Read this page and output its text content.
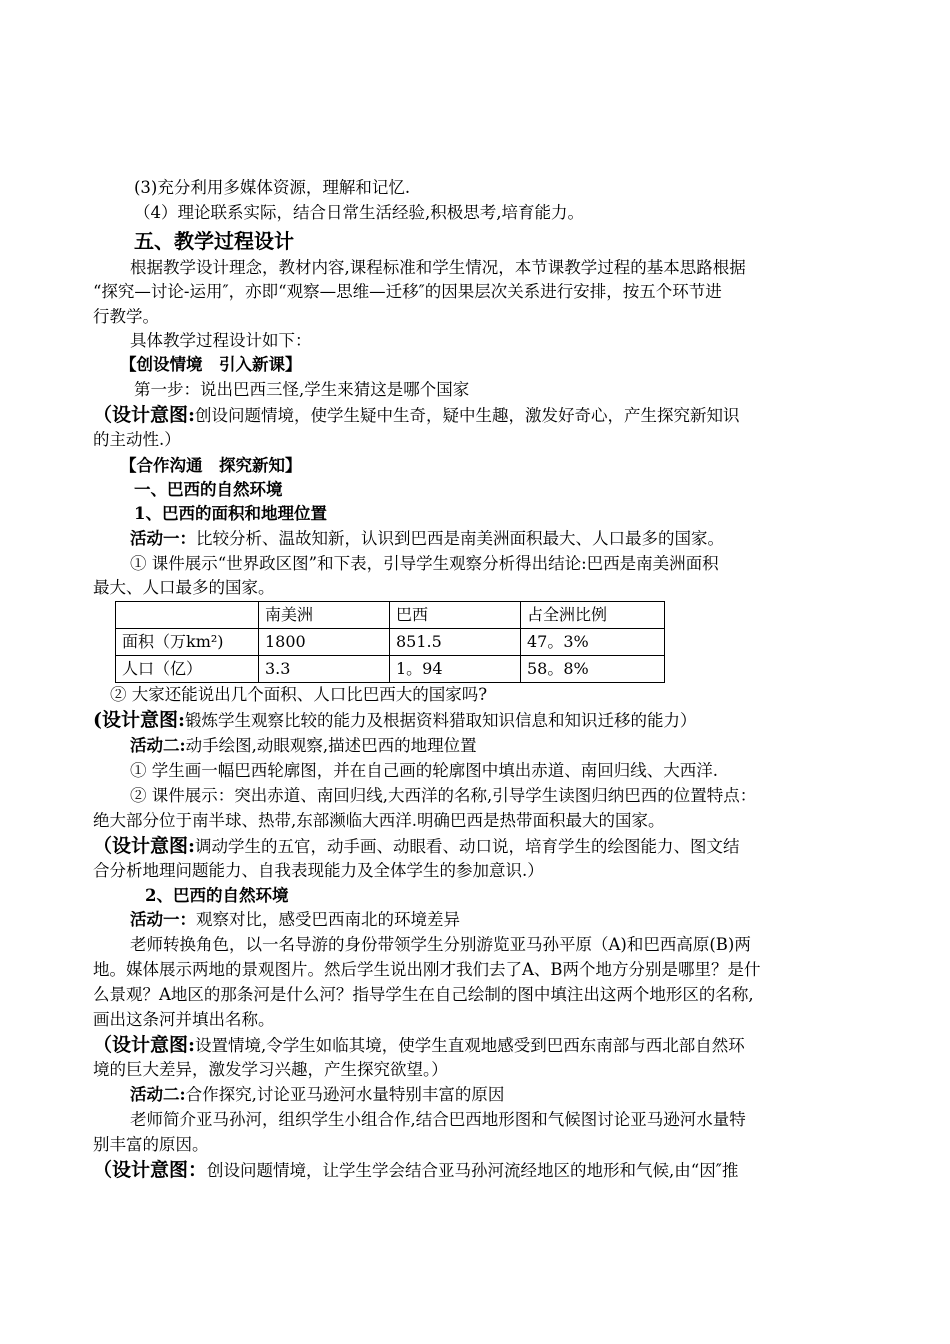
(3)充分利用多媒体资源，理解和记忆.
（4）理论联系实际，结合日常生活经验,积极思考,培育能力。
五、教学过程设计
根据教学设计理念，教材内容,课程标准和学生情况，本节课教学过程的基本思路根据
“探究—讨论-运用″，亦即“观察—思维—迁移″的因果层次关系进行安排，按五个环节进
行教学。
具体教学过程设计如下：
【创设情境　引入新课】
第一步：说出巴西三怪,学生来猜这是哪个国家
（设计意图:创设问题情境，使学生疑中生奇，疑中生趣，激发好奇心，产生探究新知识
的主动性.）
【合作沟通　探究新知】
一、巴西的自然环境
1、巴西的面积和地理位置
活动一：比较分析、温故知新，认识到巴西是南美洲面积最大、人口最多的国家。
① 课件展示“世界政区图”和下表，引导学生观察分析得出结论:巴西是南美洲面积
最大、人口最多的国家。
	南美洲	巴西	占全洲比例
面积（万km²)	1800	851.5	47。3%
人口（亿）	3.3	1。94	58。8%
② 大家还能说出几个面积、人口比巴西大的国家吗?
(设计意图:锻炼学生观察比较的能力及根据资料猎取知识信息和知识迁移的能力）
活动二:动手绘图,动眼观察,描述巴西的地理位置
① 学生画一幅巴西轮廓图，并在自己画的轮廓图中填出赤道、南回归线、大西洋.
② 课件展示：突出赤道、南回归线,大西洋的名称,引导学生读图归纳巴西的位置特点：
绝大部分位于南半球、热带,东部濒临大西洋.明确巴西是热带面积最大的国家。
（设计意图:调动学生的五官，动手画、动眼看、动口说，培育学生的绘图能力、图文结
合分析地理问题能力、自我表现能力及全体学生的参加意识.）
2、巴西的自然环境
活动一：观察对比，感受巴西南北的环境差异
老师转换角色，以一名导游的身份带领学生分别游览亚马孙平原（A)和巴西高原(B)两
地。媒体展示两地的景观图片。然后学生说出刚才我们去了A、B两个地方分别是哪里？是什
么景观？A地区的那条河是什么河？指导学生在自己绘制的图中填注出这两个地形区的名称,
画出这条河并填出名称。
（设计意图:设置情境,令学生如临其境，使学生直观地感受到巴西东南部与西北部自然环
境的巨大差异，激发学习兴趣，产生探究欲望。）
活动二:合作探究,讨论亚马逊河水量特别丰富的原因
老师简介亚马孙河，组织学生小组合作,结合巴西地形图和气候图讨论亚马逊河水量特
别丰富的原因。
（设计意图：创设问题情境，让学生学会结合亚马孙河流经地区的地形和气候,由“因″推
